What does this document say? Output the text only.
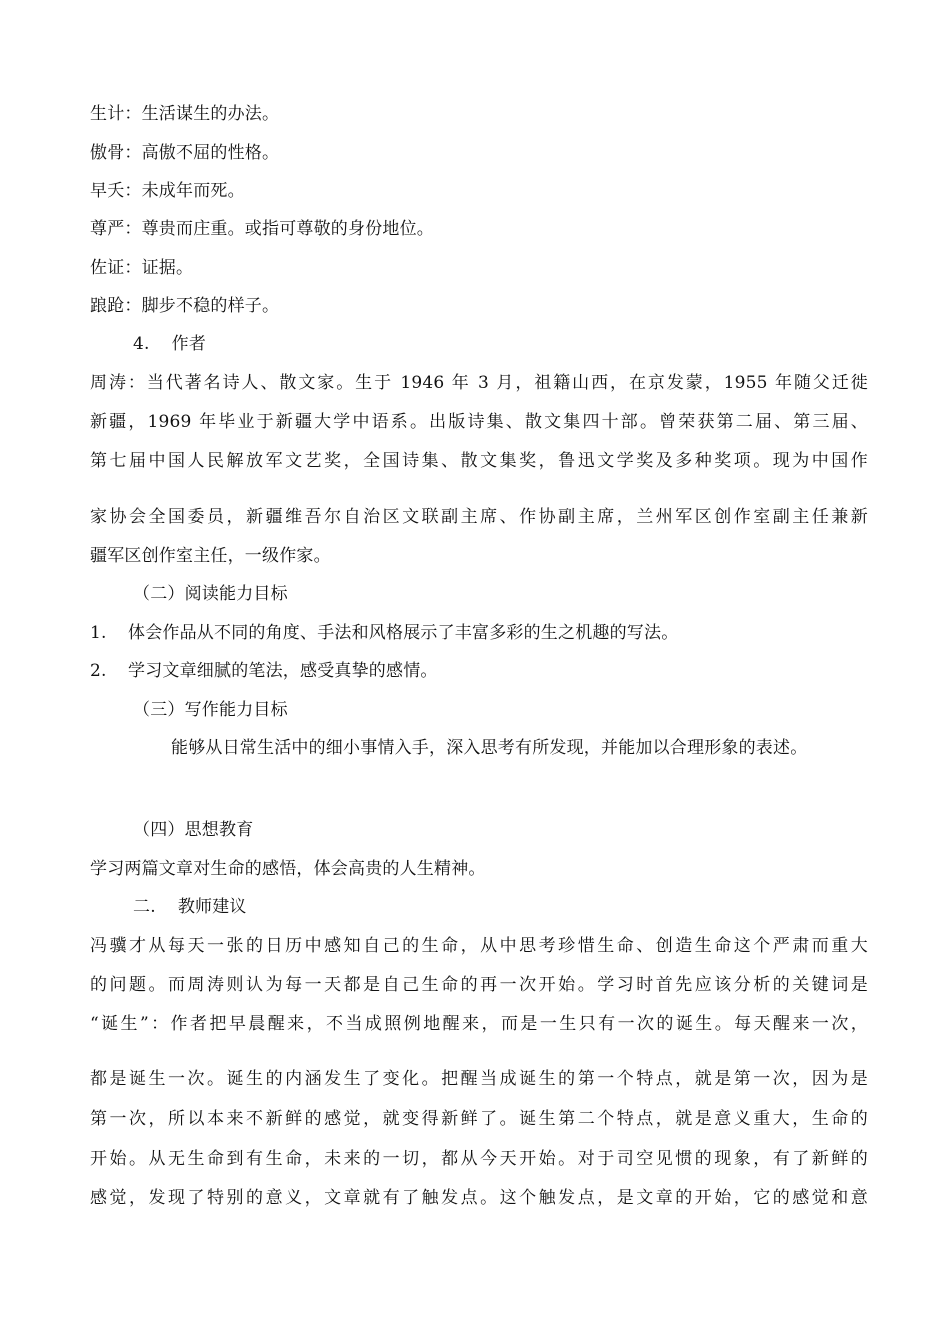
生计：生活谋生的办法。
傲骨：高傲不屈的性格。
早夭：未成年而死。
尊严：尊贵而庄重。或指可尊敬的身份地位。
佐证：证据。
踉跄：脚步不稳的样子。
4. 作者
周涛：当代著名诗人、散文家。生于 1946 年 3 月，祖籍山西，在京发蒙，1955 年随父迁徙
新疆，1969 年毕业于新疆大学中语系。出版诗集、散文集四十部。曾荣获第二届、第三届、
第七届中国人民解放军文艺奖，全国诗集、散文集奖，鲁迅文学奖及多种奖项。现为中国作
家协会全国委员，新疆维吾尔自治区文联副主席、作协副主席，兰州军区创作室副主任兼新
疆军区创作室主任，一级作家。
（二）阅读能力目标
1. 体会作品从不同的角度、手法和风格展示了丰富多彩的生之机趣的写法。
2. 学习文章细腻的笔法，感受真挚的感情。
（三）写作能力目标
能够从日常生活中的细小事情入手，深入思考有所发现，并能加以合理形象的表述。
（四）思想教育
学习两篇文章对生命的感悟，体会高贵的人生精神。
二. 教师建议
冯骥才从每天一张的日历中感知自己的生命，从中思考珍惜生命、创造生命这个严肃而重大
的问题。而周涛则认为每一天都是自己生命的再一次开始。学习时首先应该分析的关键词是
“诞生”：作者把早晨醒来，不当成照例地醒来，而是一生只有一次的诞生。每天醒来一次，
都是诞生一次。诞生的内涵发生了变化。把醒当成诞生的第一个特点，就是第一次，因为是
第一次，所以本来不新鲜的感觉，就变得新鲜了。诞生第二个特点，就是意义重大，生命的
开始。从无生命到有生命，未来的一切，都从今天开始。对于司空见惯的现象，有了新鲜的
感觉，发现了特别的意义，文章就有了触发点。这个触发点，是文章的开始，它的感觉和意
